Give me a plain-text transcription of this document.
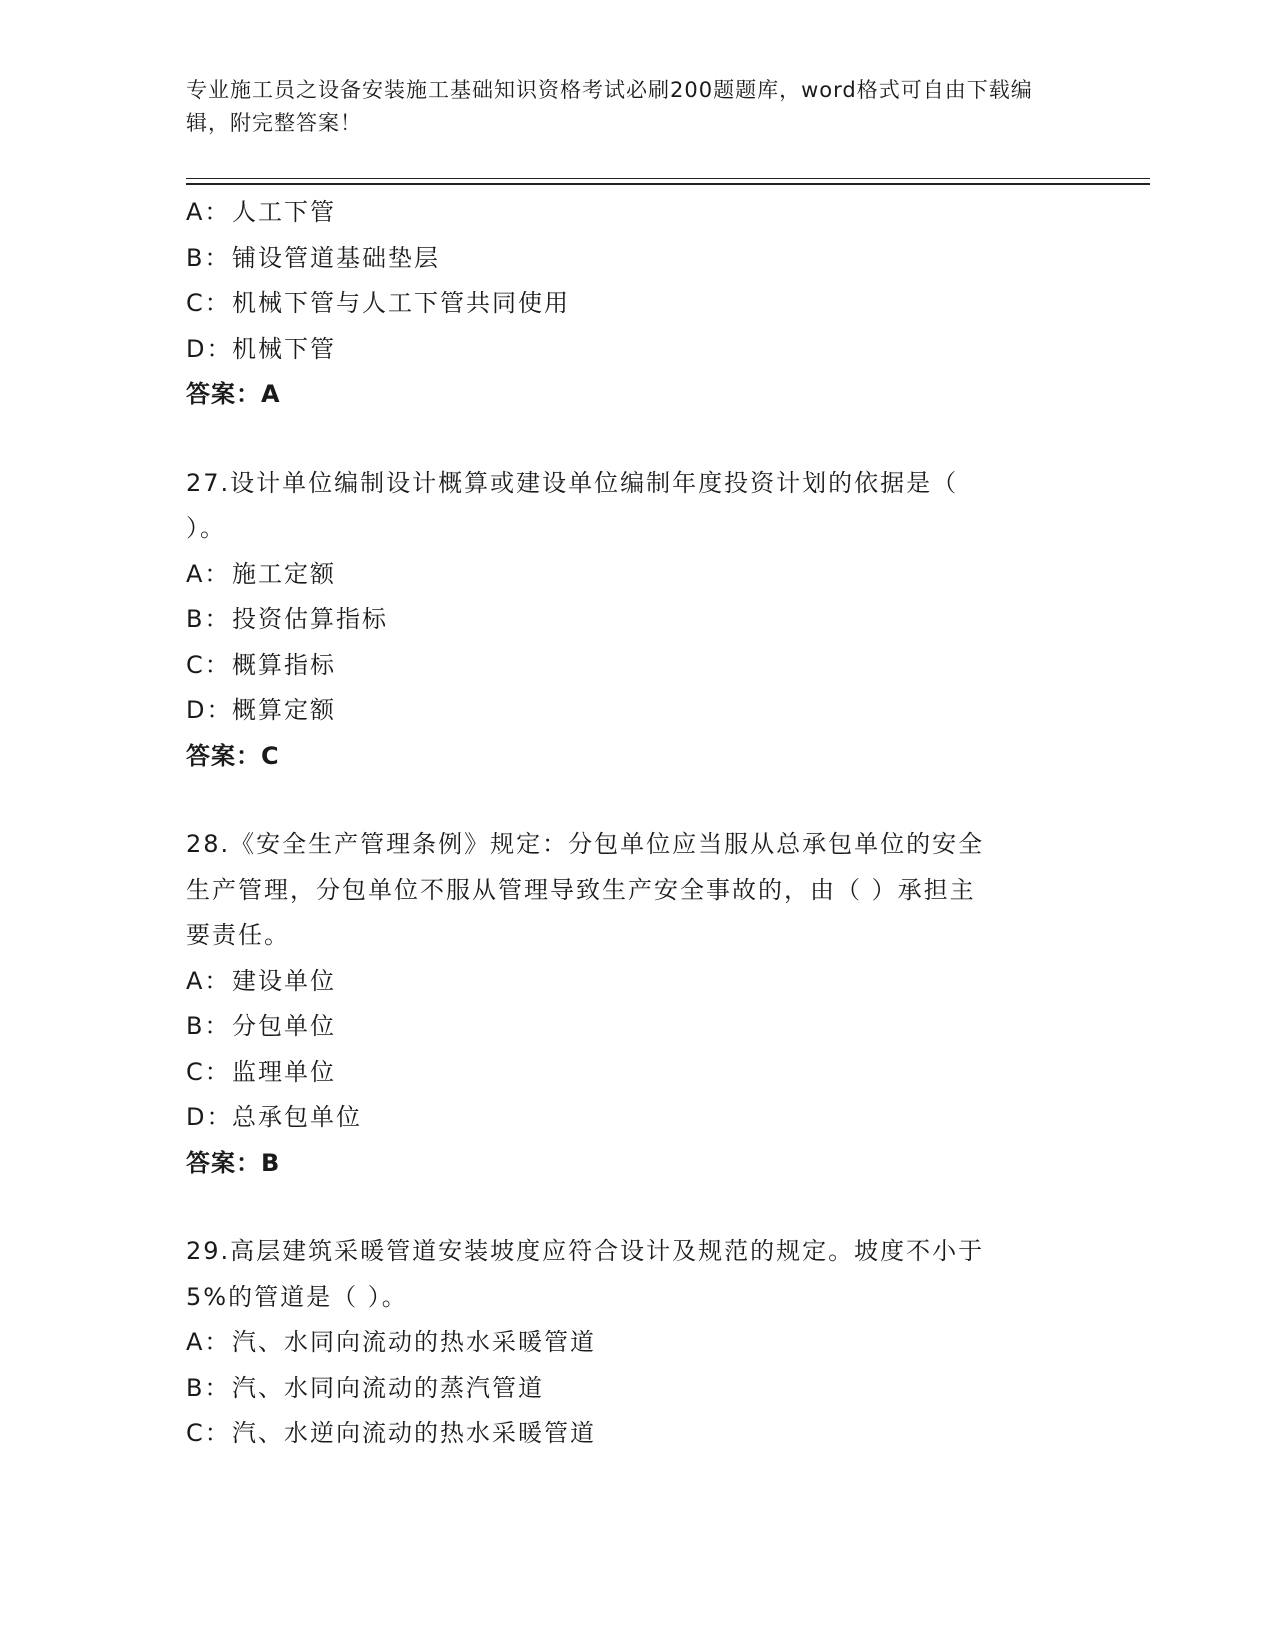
专业施工员之设备安装施工基础知识资格考试必刷200题题库，word格式可自由下载编辑，附完整答案！
A：人工下管
B：铺设管道基础垫层
C：机械下管与人工下管共同使用
D：机械下管
答案：A
27.设计单位编制设计概算或建设单位编制年度投资计划的依据是（
）。
A：施工定额
B：投资估算指标
C：概算指标
D：概算定额
答案：C
28.《安全生产管理条例》规定：分包单位应当服从总承包单位的安全
生产管理，分包单位不服从管理导致生产安全事故的，由（ ）承担主
要责任。
A：建设单位
B：分包单位
C：监理单位
D：总承包单位
答案：B
29.高层建筑采暖管道安装坡度应符合设计及规范的规定。坡度不小于
5%的管道是（ ）。
A：汽、水同向流动的热水采暖管道
B：汽、水同向流动的蒸汽管道
C：汽、水逆向流动的热水采暖管道
